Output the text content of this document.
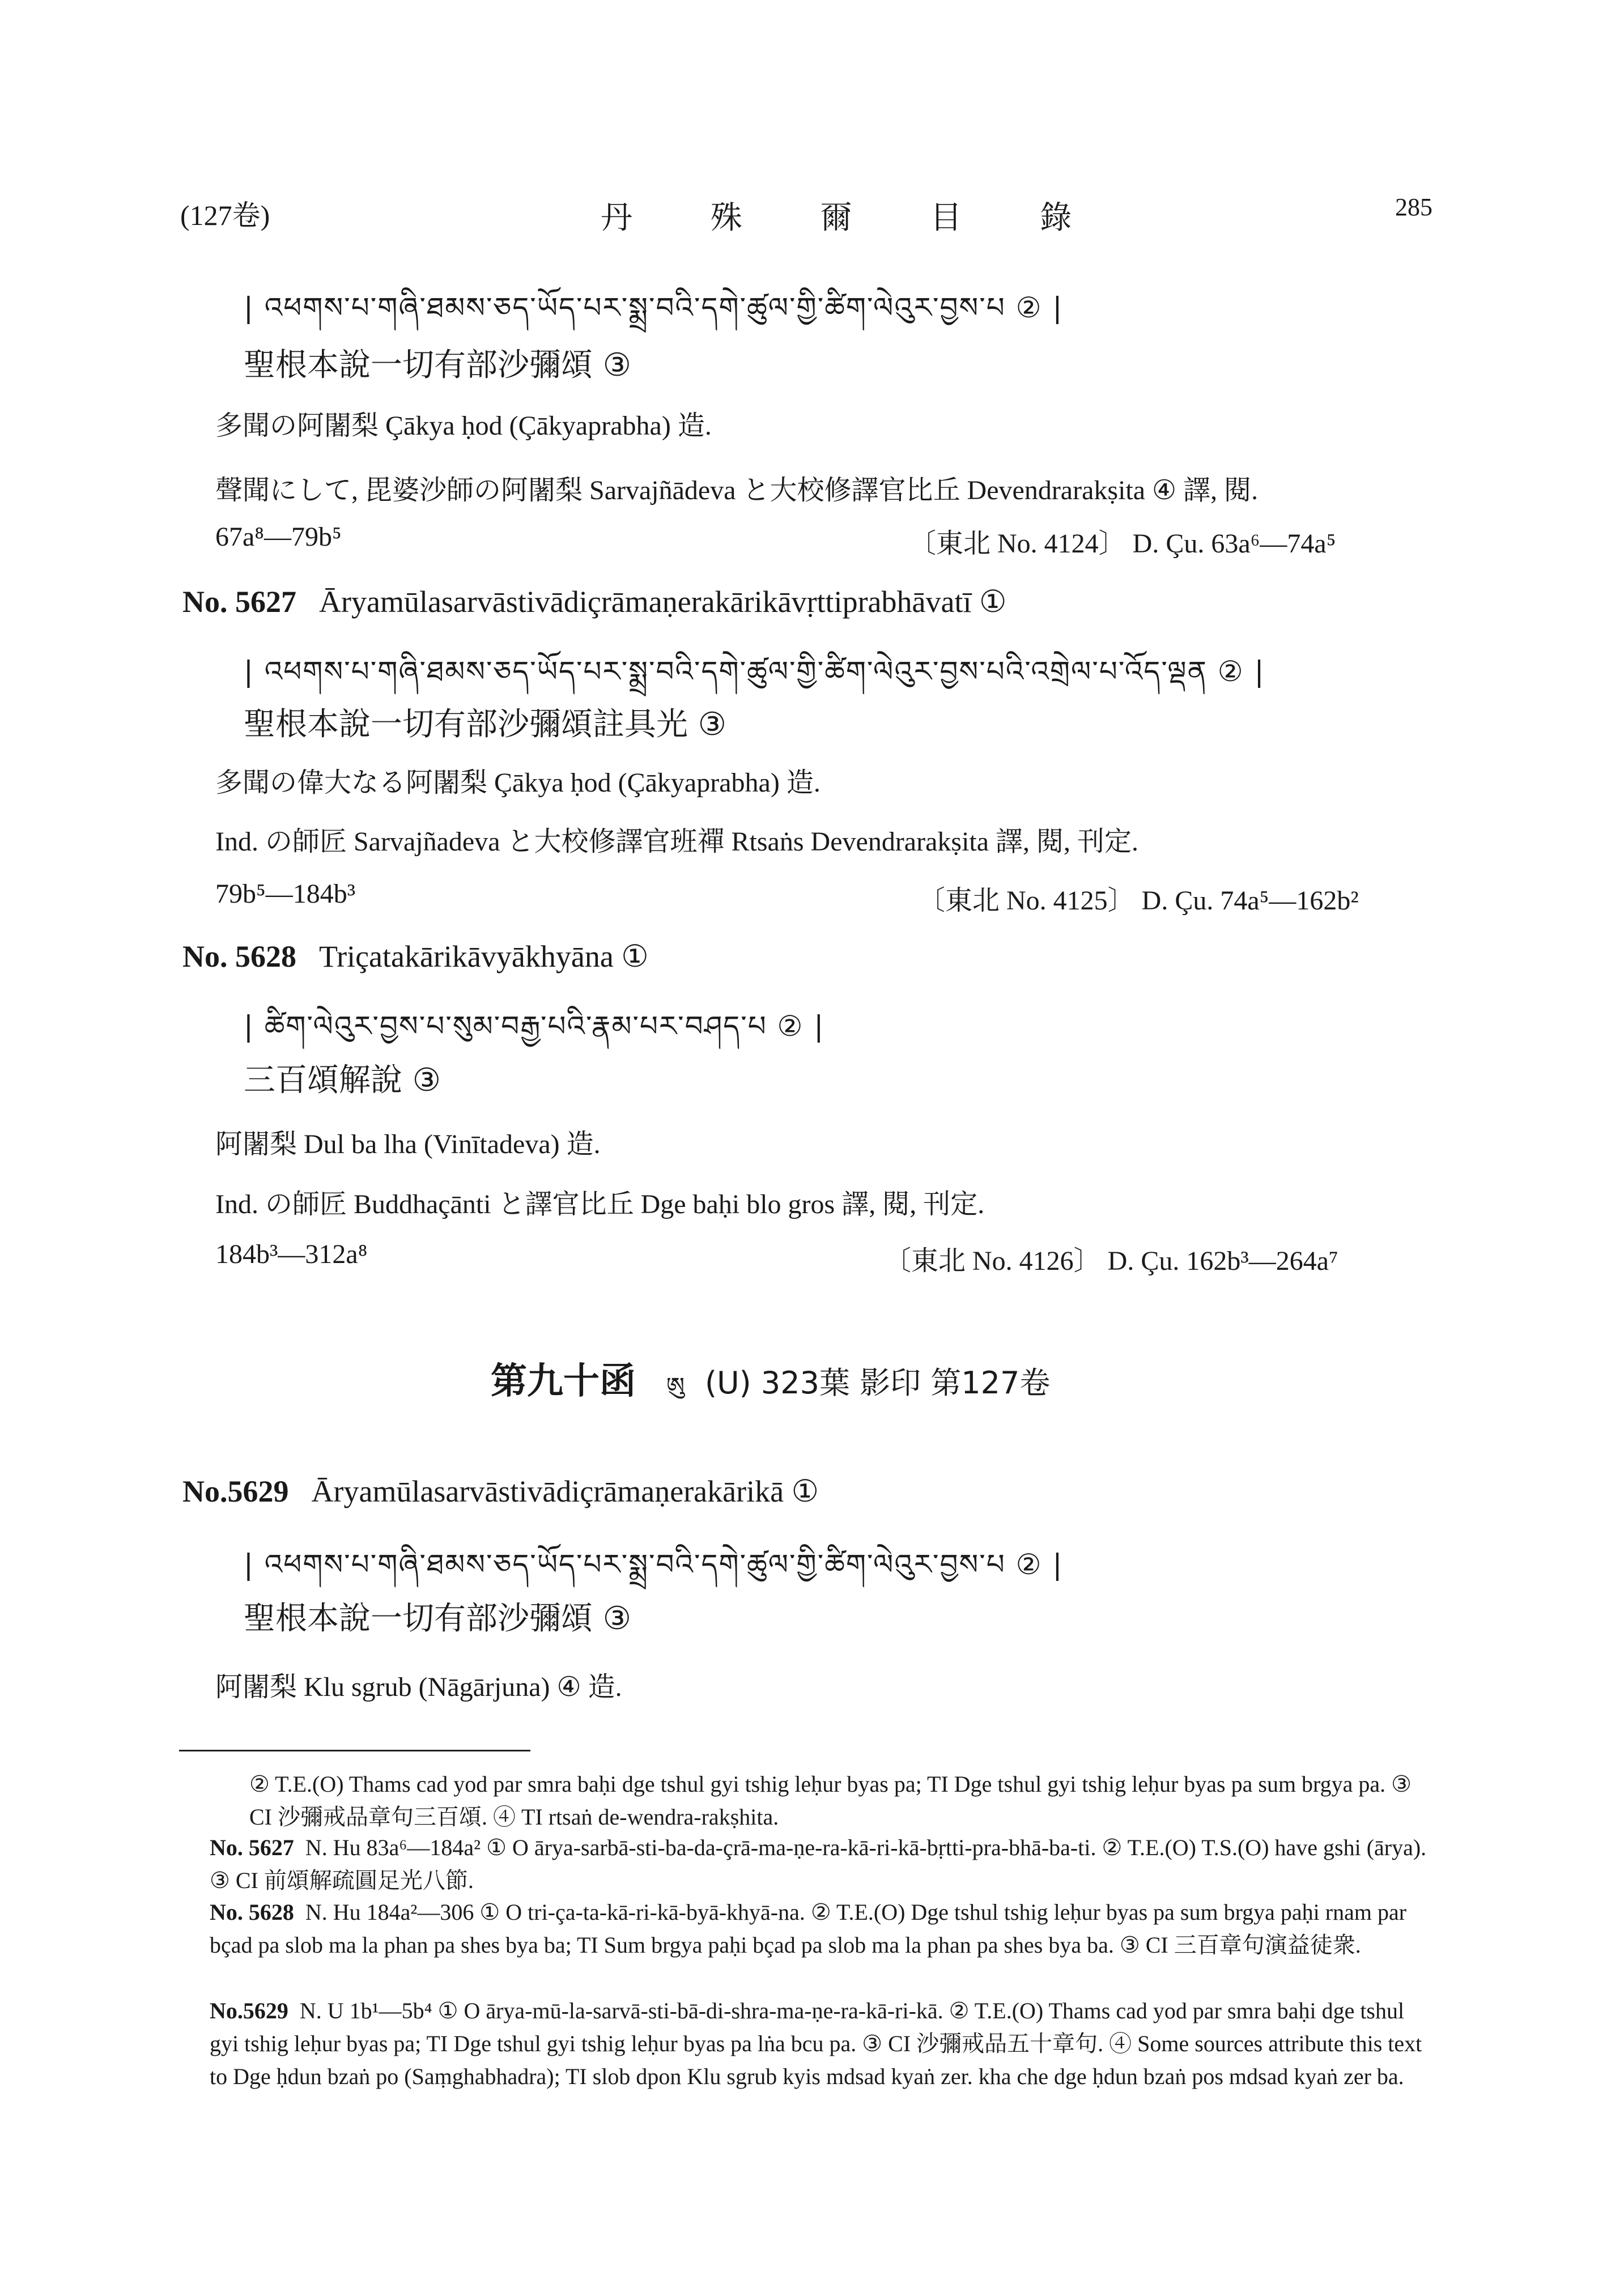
(127卷)	丹 殊 爾 目 錄	285
| འཕགས་པ་གཞི་ཐམས་ཅད་ཡོད་པར་སྨྲ་བའི་དགེ་ཚུལ་གྱི་ཚིག་ལེའུར་བྱས་པ ② |
聖根本說一切有部沙彌頌 ③
多聞の阿闍梨 Çākya ḥod (Çākyaprabha) 造.
聲聞にして, 毘婆沙師の阿闍梨 Sarvajñādeva と大校修譯官比丘 Devendrarakṣita ④ 譯, 閱.
67a⁸—79b⁵	〔東北 No. 4124〕 D. Çu. 63a⁶—74a⁵
No. 5627 Āryamūlasarvāstivādiçrāmaṇerakārikāvṛttiprabhāvatī ①
| འཕགས་པ་གཞི་ཐམས་ཅད་ཡོད་པར་སྨྲ་བའི་དགེ་ཚུལ་གྱི་ཚིག་ལེའུར་བྱས་པའི་འགྲེལ་པ་འོད་ལྡན ② |
聖根本說一切有部沙彌頌註具光 ③
多聞の偉大なる阿闍梨 Çākya ḥod (Çākyaprabha) 造.
Ind. の師匠 Sarvajñadeva と大校修譯官班禪 Rtsaṅs Devendrarakṣita 譯, 閱, 刊定.
79b⁵—184b³	〔東北 No. 4125〕 D. Çu. 74a⁵—162b²
No. 5628 Triçatakārikāvyākhyāna ①
| ཚིག་ལེའུར་བྱས་པ་སུམ་བརྒྱ་པའི་རྣམ་པར་བཤད་པ ② |
三百頌解說 ③
阿闍梨 Dul ba lha (Vinītadeva) 造.
Ind. の師匠 Buddhaçānti と譯官比丘 Dge baḥi blo gros 譯, 閱, 刊定.
184b³—312a⁸	〔東北 No. 4126〕 D. Çu. 162b³—264a⁷
第九十函 ཨུ (U) 323葉 影印 第127卷
No.5629 Āryamūlasarvāstivādiçrāmaṇerakārikā ①
| འཕགས་པ་གཞི་ཐམས་ཅད་ཡོད་པར་སྨྲ་བའི་དགེ་ཚུལ་གྱི་ཚིག་ལེའུར་བྱས་པ ② |
聖根本說一切有部沙彌頌 ③
阿闍梨 Klu sgrub (Nāgārjuna) ④ 造.
② T.E.(O) Thams cad yod par smra baḥi dge tshul gyi tshig leḥur byas pa; TI Dge tshul gyi tshig leḥur byas pa sum brgya pa. ③ CI 沙彌戒品章句三百頌. ④ TI rtsaṅ de-wendra-rakṣhita.
No. 5627 N. Hu 83a⁶—184a² ① O ārya-sarbā-sti-ba-da-çrā-ma-ṇe-ra-kā-ri-kā-bṛtti-pra-bhā-ba-ti. ② T.E.(O) T.S.(O) have gshi (ārya). ③ CI 前頌解疏圓足光八節.
No. 5628 N. Hu 184a²—306 ① O tri-ça-ta-kā-ri-kā-byā-khyā-na. ② T.E.(O) Dge tshul tshig leḥur byas pa sum brgya paḥi rnam par bçad pa slob ma la phan pa shes bya ba; TI Sum brgya paḥi bçad pa slob ma la phan pa shes bya ba. ③ CI 三百章句演益徒衆.
No.5629 N. U 1b¹—5b⁴ ① O ārya-mū-la-sarvā-sti-bā-di-shra-ma-ṇe-ra-kā-ri-kā. ② T.E.(O) Thams cad yod par smra baḥi dge tshul gyi tshig leḥur byas pa; TI Dge tshul gyi tshig leḥur byas pa lṅa bcu pa. ③ CI 沙彌戒品五十章句. ④ Some sources attribute this text to Dge ḥdun bzaṅ po (Saṃghabhadra); TI slob dpon Klu sgrub kyis mdsad kyaṅ zer. kha che dge ḥdun bzaṅ pos mdsad kyaṅ zer ba.
